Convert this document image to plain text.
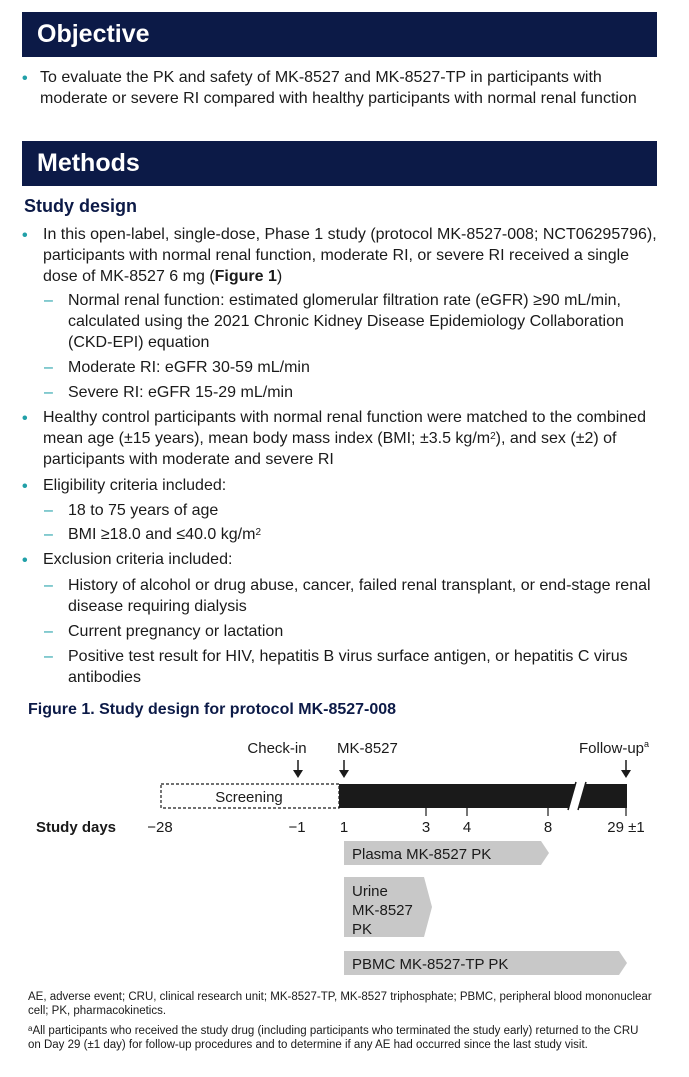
Objective
• To evaluate the PK and safety of MK-8527 and MK-8527-TP in participants with moderate or severe RI compared with healthy participants with normal renal function
Methods
Study design
• In this open-label, single-dose, Phase 1 study (protocol MK-8527-008; NCT06295796), participants with normal renal function, moderate RI, or severe RI received a single dose of MK-8527 6 mg (Figure 1)
– Normal renal function: estimated glomerular filtration rate (eGFR) ≥90 mL/min, calculated using the 2021 Chronic Kidney Disease Epidemiology Collaboration (CKD-EPI) equation
– Moderate RI: eGFR 30-59 mL/min
– Severe RI: eGFR 15-29 mL/min
• Healthy control participants with normal renal function were matched to the combined mean age (±15 years), mean body mass index (BMI; ±3.5 $kg/m^2$), and sex (±2) of participants with moderate and severe RI
• Eligibility criteria included:
– 18 to 75 years of age
– BMI ≥18.0 and ≤40.0 $kg/m^2$
• Exclusion criteria included:
– History of alcohol or drug abuse, cancer, failed renal transplant, or end-stage renal disease requiring dialysis
– Current pregnancy or lactation
– Positive test result for HIV, hepatitis B virus surface antigen, or hepatitis C virus antibodies
Figure 1. Study design for protocol MK-8527-008
Check-in MK-8527	Follow-$up^a$
Screening
Study days −28	−1 1	3 4	8	29 ±1
Plasma MK-8527 PK
Urine
MK-8527
PK
PBMC MK-8527-TP PK
AE, adverse event; CRU, clinical research unit; MK-8527-TP, MK-8527 triphosphate; PBMC, peripheral blood mononuclear cell; PK, pharmacokinetics.
$^a$All participants who received the study drug (including participants who terminated the study early) returned to the CRU on Day 29 (±1 day) for follow-up procedures and to determine if any AE had occurred since the last study visit.
